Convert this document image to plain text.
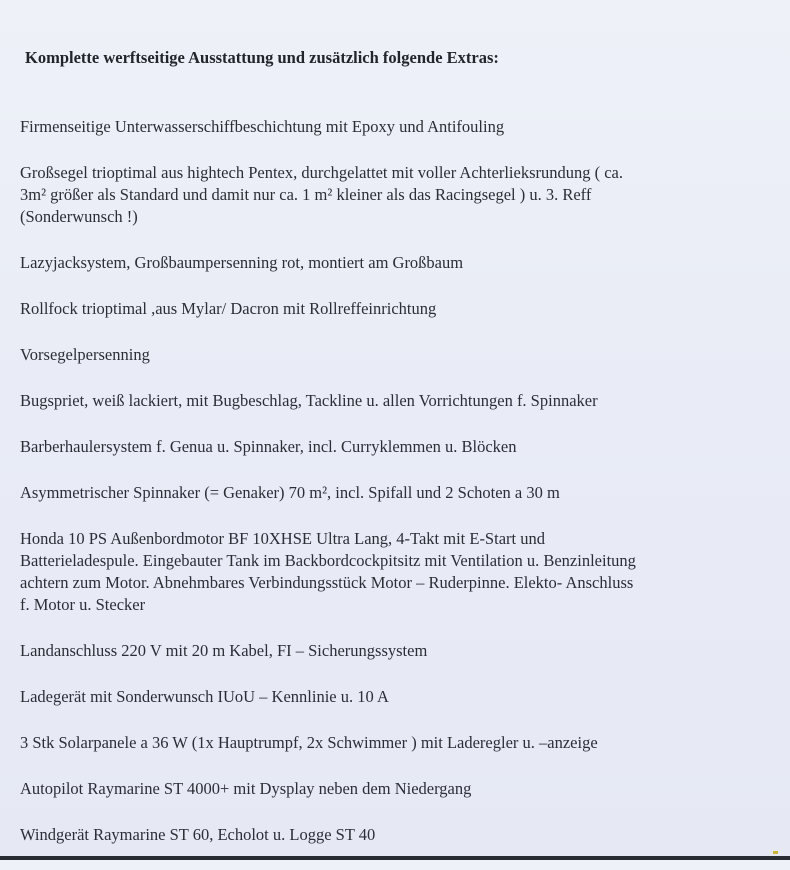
Komplette werftseitige Ausstattung und zusätzlich folgende Extras:
Firmenseitige Unterwasserschiffbeschichtung mit Epoxy und Antifouling
Großsegel trioptimal aus hightech Pentex, durchgelattet mit voller Achterlieksrundung ( ca.
3m² größer als Standard und damit nur ca. 1 m² kleiner als das Racingsegel ) u. 3. Reff
(Sonderwunsch !)
Lazyjacksystem, Großbaumpersenning rot, montiert am Großbaum
Rollfock trioptimal ,aus Mylar/ Dacron mit Rollreffeinrichtung
Vorsegelpersenning
Bugspriet, weiß lackiert, mit Bugbeschlag, Tackline u. allen Vorrichtungen f. Spinnaker
Barberhaulersystem f. Genua u. Spinnaker, incl. Curryklemmen u. Blöcken
Asymmetrischer Spinnaker (= Genaker) 70 m², incl. Spifall und 2 Schoten a 30 m
Honda 10 PS Außenbordmotor BF 10XHSE Ultra Lang, 4-Takt mit E-Start und
Batterieladespule. Eingebauter Tank im Backbordcockpitsitz mit Ventilation u. Benzinleitung
achtern zum Motor. Abnehmbares Verbindungsstück Motor – Ruderpinne. Elekto- Anschluss
f. Motor u. Stecker
Landanschluss 220 V mit 20 m Kabel, FI – Sicherungssystem
Ladegerät mit Sonderwunsch IUoU – Kennlinie u. 10 A
3 Stk Solarpanele a 36 W (1x Hauptrumpf, 2x Schwimmer ) mit Laderegler u. –anzeige
Autopilot Raymarine ST 4000+ mit Dysplay neben dem Niedergang
Windgerät Raymarine ST 60, Echolot u. Logge ST 40
